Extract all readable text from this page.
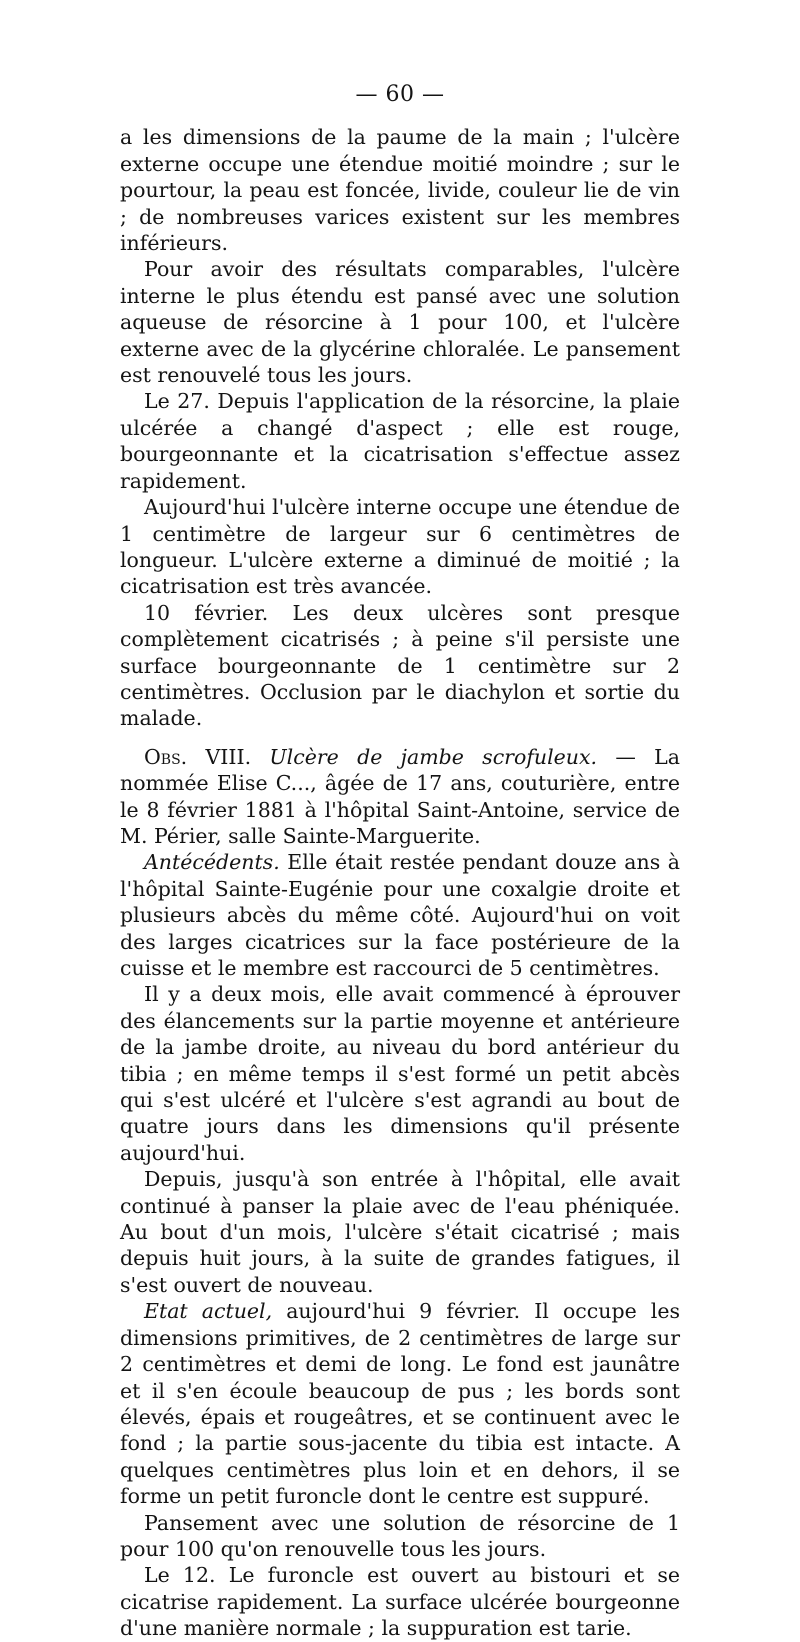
— 60 —

a les dimensions de la paume de la main ; l'ulcère externe occupe une étendue moitié moindre ; sur le pourtour, la peau est foncée, livide, couleur lie de vin ; de nombreuses varices existent sur les membres inférieurs.

Pour avoir des résultats comparables, l'ulcère interne le plus étendu est pansé avec une solution aqueuse de résorcine à 1 pour 100, et l'ulcère externe avec de la glycérine chloralée. Le pansement est renouvelé tous les jours.

Le 27. Depuis l'application de la résorcine, la plaie ulcérée a changé d'aspect ; elle est rouge, bourgeonnante et la cicatrisation s'effectue assez rapidement.

Aujourd'hui l'ulcère interne occupe une étendue de 1 centimètre de largeur sur 6 centimètres de longueur. L'ulcère externe a diminué de moitié ; la cicatrisation est très avancée.

10 février. Les deux ulcères sont presque complètement cicatrisés ; à peine s'il persiste une surface bourgeonnante de 1 centimètre sur 2 centimètres. Occlusion par le diachylon et sortie du malade.

Obs. VIII. Ulcère de jambe scrofuleux. — La nommée Elise C..., âgée de 17 ans, couturière, entre le 8 février 1881 à l'hôpital Saint-Antoine, service de M. Périer, salle Sainte-Marguerite.

Antécédents. Elle était restée pendant douze ans à l'hôpital Sainte-Eugénie pour une coxalgie droite et plusieurs abcès du même côté. Aujourd'hui on voit des larges cicatrices sur la face postérieure de la cuisse et le membre est raccourci de 5 centimètres.

Il y a deux mois, elle avait commencé à éprouver des élancements sur la partie moyenne et antérieure de la jambe droite, au niveau du bord antérieur du tibia ; en même temps il s'est formé un petit abcès qui s'est ulcéré et l'ulcère s'est agrandi au bout de quatre jours dans les dimensions qu'il présente aujourd'hui.

Depuis, jusqu'à son entrée à l'hôpital, elle avait continué à panser la plaie avec de l'eau phéniquée. Au bout d'un mois, l'ulcère s'était cicatrisé ; mais depuis huit jours, à la suite de grandes fatigues, il s'est ouvert de nouveau.

Etat actuel, aujourd'hui 9 février. Il occupe les dimensions primitives, de 2 centimètres de large sur 2 centimètres et demi de long. Le fond est jaunâtre et il s'en écoule beaucoup de pus ; les bords sont élevés, épais et rougeâtres, et se continuent avec le fond ; la partie sous-jacente du tibia est intacte. A quelques centimètres plus loin et en dehors, il se forme un petit furoncle dont le centre est suppuré.

Pansement avec une solution de résorcine de 1 pour 100 qu'on renouvelle tous les jours.

Le 12. Le furoncle est ouvert au bistouri et se cicatrise rapidement. La surface ulcérée bourgeonne d'une manière normale ; la suppuration est tarie.
